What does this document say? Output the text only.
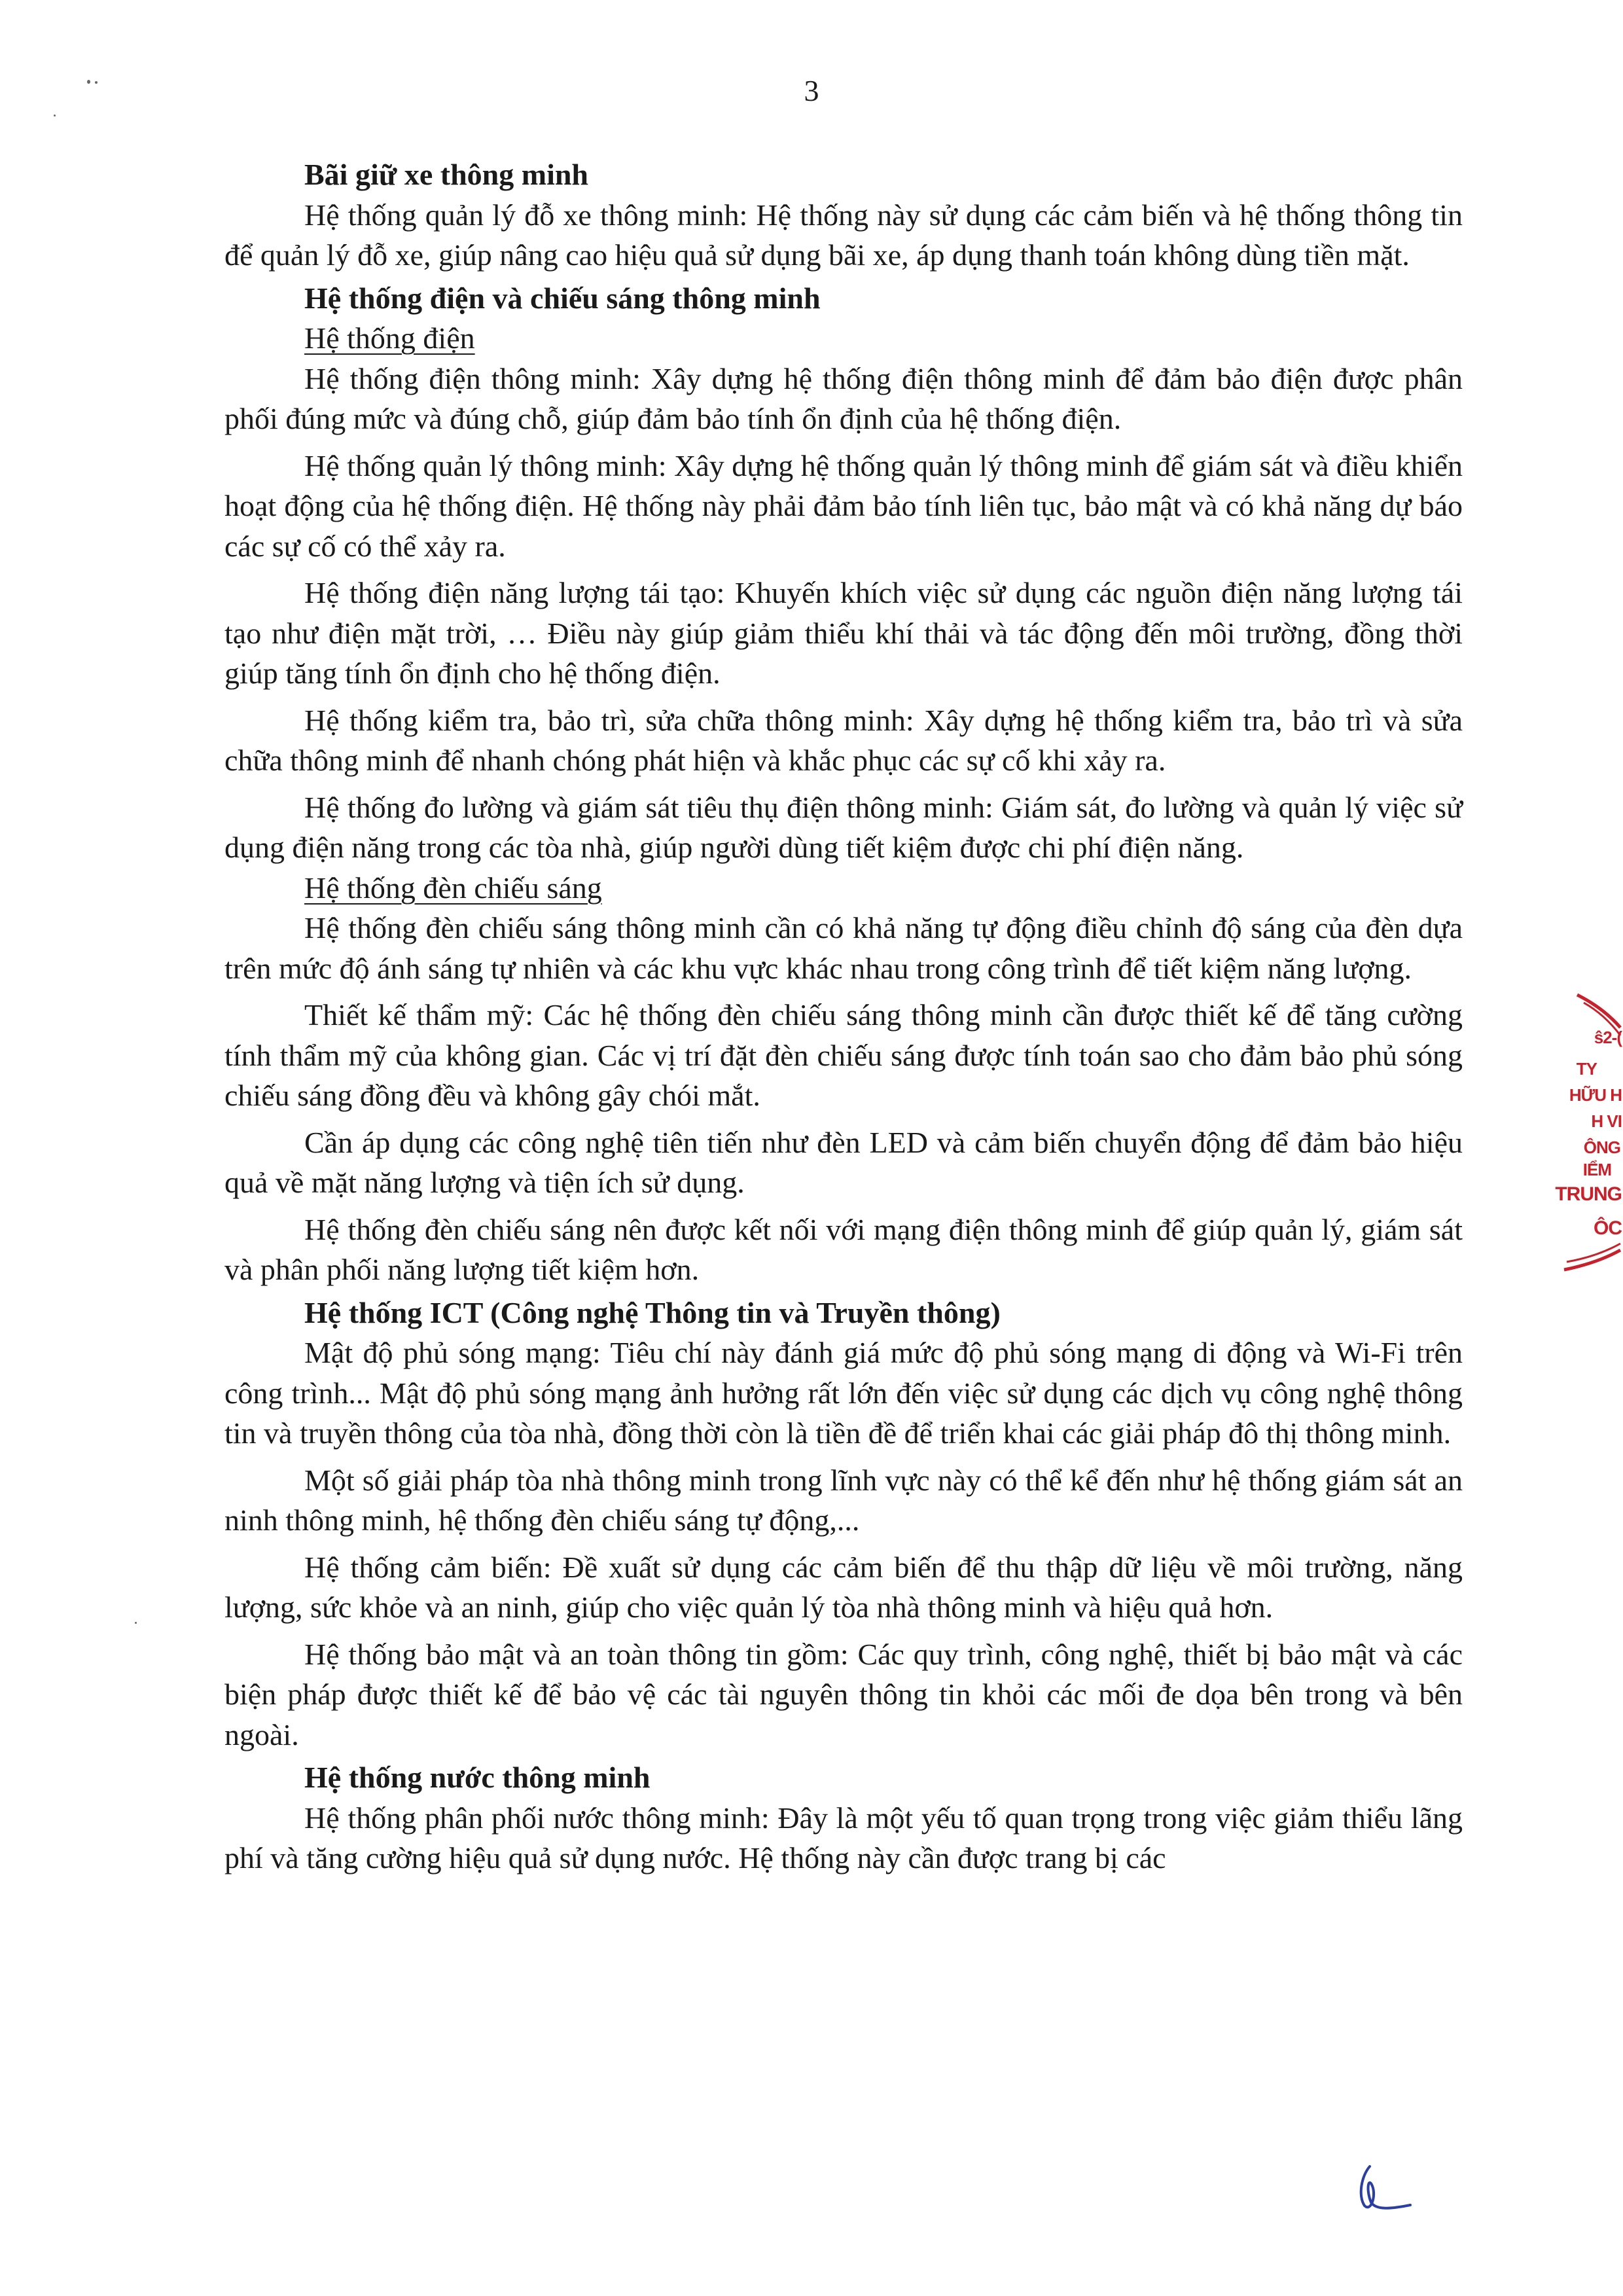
3

Bãi giữ xe thông minh

Hệ thống quản lý đỗ xe thông minh: Hệ thống này sử dụng các cảm biến và hệ thống thông tin để quản lý đỗ xe, giúp nâng cao hiệu quả sử dụng bãi xe, áp dụng thanh toán không dùng tiền mặt.

Hệ thống điện và chiếu sáng thông minh

Hệ thống điện

Hệ thống điện thông minh: Xây dựng hệ thống điện thông minh để đảm bảo điện được phân phối đúng mức và đúng chỗ, giúp đảm bảo tính ổn định của hệ thống điện.

Hệ thống quản lý thông minh: Xây dựng hệ thống quản lý thông minh để giám sát và điều khiển hoạt động của hệ thống điện. Hệ thống này phải đảm bảo tính liên tục, bảo mật và có khả năng dự báo các sự cố có thể xảy ra.

Hệ thống điện năng lượng tái tạo: Khuyến khích việc sử dụng các nguồn điện năng lượng tái tạo như điện mặt trời, … Điều này giúp giảm thiểu khí thải và tác động đến môi trường, đồng thời giúp tăng tính ổn định cho hệ thống điện.

Hệ thống kiểm tra, bảo trì, sửa chữa thông minh: Xây dựng hệ thống kiểm tra, bảo trì và sửa chữa thông minh để nhanh chóng phát hiện và khắc phục các sự cố khi xảy ra.

Hệ thống đo lường và giám sát tiêu thụ điện thông minh: Giám sát, đo lường và quản lý việc sử dụng điện năng trong các tòa nhà, giúp người dùng tiết kiệm được chi phí điện năng.

Hệ thống đèn chiếu sáng

Hệ thống đèn chiếu sáng thông minh cần có khả năng tự động điều chỉnh độ sáng của đèn dựa trên mức độ ánh sáng tự nhiên và các khu vực khác nhau trong công trình để tiết kiệm năng lượng.

Thiết kế thẩm mỹ: Các hệ thống đèn chiếu sáng thông minh cần được thiết kế để tăng cường tính thẩm mỹ của không gian. Các vị trí đặt đèn chiếu sáng được tính toán sao cho đảm bảo phủ sóng chiếu sáng đồng đều và không gây chói mắt.

Cần áp dụng các công nghệ tiên tiến như đèn LED và cảm biến chuyển động để đảm bảo hiệu quả về mặt năng lượng và tiện ích sử dụng.

Hệ thống đèn chiếu sáng nên được kết nối với mạng điện thông minh để giúp quản lý, giám sát và phân phối năng lượng tiết kiệm hơn.

Hệ thống ICT (Công nghệ Thông tin và Truyền thông)

Mật độ phủ sóng mạng: Tiêu chí này đánh giá mức độ phủ sóng mạng di động và Wi-Fi trên công trình... Mật độ phủ sóng mạng ảnh hưởng rất lớn đến việc sử dụng các dịch vụ công nghệ thông tin và truyền thông của tòa nhà, đồng thời còn là tiền đề để triển khai các giải pháp đô thị thông minh.

Một số giải pháp tòa nhà thông minh trong lĩnh vực này có thể kể đến như hệ thống giám sát an ninh thông minh, hệ thống đèn chiếu sáng tự động,...

Hệ thống cảm biến: Đề xuất sử dụng các cảm biến để thu thập dữ liệu về môi trường, năng lượng, sức khỏe và an ninh, giúp cho việc quản lý tòa nhà thông minh và hiệu quả hơn.

Hệ thống bảo mật và an toàn thông tin gồm: Các quy trình, công nghệ, thiết bị bảo mật và các biện pháp được thiết kế để bảo vệ các tài nguyên thông tin khỏi các mối đe dọa bên trong và bên ngoài.

Hệ thống nước thông minh

Hệ thống phân phối nước thông minh: Đây là một yếu tố quan trọng trong việc giảm thiểu lãng phí và tăng cường hiệu quả sử dụng nước. Hệ thống này cần được trang bị các

ŝ2-(
TY
HỮU H
H VI
ÔNG
IỂM
TRUNG
ÔC
